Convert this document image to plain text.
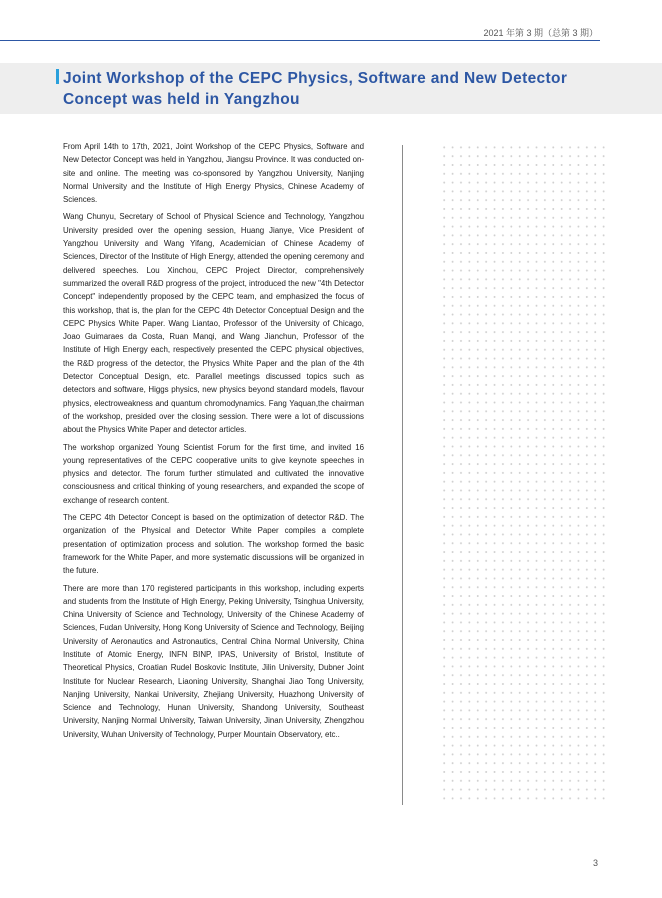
2021 年第 3 期（总第 3 期）
Joint Workshop of the CEPC Physics, Software and New Detector
Concept was held in Yangzhou

From April 14th to 17th, 2021, Joint Workshop of the CEPC Physics, Software and New Detector Concept was held in Yangzhou, Jiangsu Province. It was conducted on-site and online. The meeting was co-sponsored by Yangzhou University, Nanjing Normal University and the Institute of High Energy Physics, Chinese Academy of Sciences.

Wang Chunyu, Secretary of School of Physical Science and Technology, Yangzhou University presided over the opening session, Huang Jianye, Vice President of Yangzhou University and Wang Yifang, Academician of Chinese Academy of Sciences, Director of the Institute of High Energy, attended the opening ceremony and delivered speeches. Lou Xinchou, CEPC Project Director, comprehensively summarized the overall R&D progress of the project, introduced the new "4th Detector Concept" independently proposed by the CEPC team, and emphasized the focus of this workshop, that is, the plan for the CEPC 4th Detector Conceptual Design and the CEPC Physics White Paper. Wang Liantao, Professor of the University of Chicago, Joao Guimaraes da Costa, Ruan Manqi, and Wang Jianchun, Professor of the Institute of High Energy each, respectively presented the CEPC physical objectives, the R&D progress of the detector, the Physics White Paper and the plan of the 4th Detector Conceptual Design, etc. Parallel meetings discussed topics such as detectors and software, Higgs physics, new physics beyond standard models, flavour physics, electroweakness and quantum chromodynamics. Fang Yaquan,the chairman of the workshop, presided over the closing session. There were a lot of discussions about the Physics White Paper and detector articles.

The workshop organized Young Scientist Forum for the first time, and invited 16 young representatives of the CEPC cooperative units to give keynote speeches in physics and detector. The forum further stimulated and cultivated the innovative consciousness and critical thinking of young researchers, and expanded the scope of exchange of research content.

The CEPC 4th Detector Concept is based on the optimization of detector R&D. The organization of the Physical and Detector White Paper compiles a complete presentation of optimization process and solution. The workshop formed the basic framework for the White Paper, and more systematic discussions will be organized in the future.

There are more than 170 registered participants in this workshop, including experts and students from the Institute of High Energy, Peking University, Tsinghua University, China University of Science and Technology, University of the Chinese Academy of Sciences, Fudan University, Hong Kong University of Science and Technology, Beijing University of Aeronautics and Astronautics, Central China Normal University, China Institute of Atomic Energy, INFN BINP, IPAS, University of Bristol, Institute of Theoretical Physics, Croatian Rudel Boskovic Institute, Jilin University, Dubner Joint Institute for Nuclear Research, Liaoning University, Shanghai Jiao Tong University, Nanjing University, Nankai University, Zhejiang University, Huazhong University of Science and Technology, Hunan University, Shandong University, Southeast University, Nanjing Normal University, Taiwan University, Jinan University, Zhengzhou University, Wuhan University of Technology, Purper Mountain Observatory, etc..

3
